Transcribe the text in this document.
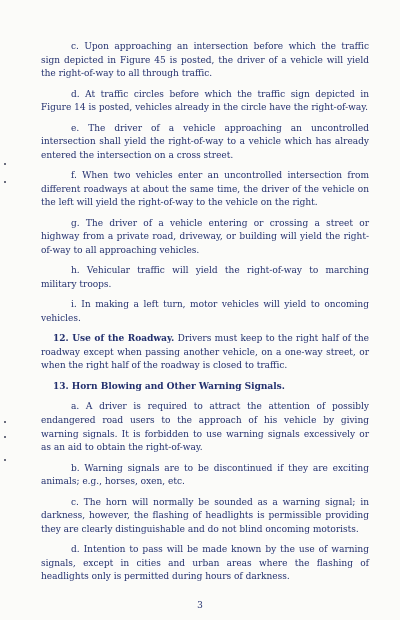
c. Upon approaching an intersection before which the traffic sign depicted in Figure 45 is posted, the driver of a vehicle will yield the right-of-way to all through traffic.

d. At traffic circles before which the traffic sign depicted in Figure 14 is posted, vehicles already in the circle have the right-of-way.

e. The driver of a vehicle approaching an uncontrolled intersection shall yield the right-of-way to a vehicle which has already entered the intersection on a cross street.

f. When two vehicles enter an uncontrolled intersection from different roadways at about the same time, the driver of the vehicle on the left will yield the right-of-way to the vehicle on the right.

g. The driver of a vehicle entering or crossing a street or highway from a private road, driveway, or building will yield the right-of-way to all approaching vehicles.

h. Vehicular traffic will yield the right-of-way to marching military troops.

i. In making a left turn, motor vehicles will yield to oncoming vehicles.

12. Use of the Roadway. Drivers must keep to the right half of the roadway except when passing another vehicle, on a one-way street, or when the right half of the roadway is closed to traffic.

13. Horn Blowing and Other Warning Signals.

a. A driver is required to attract the attention of possibly endangered road users to the approach of his vehicle by giving warning signals. It is forbidden to use warning signals excessively or as an aid to obtain the right-of-way.

b. Warning signals are to be discontinued if they are exciting animals; e.g., horses, oxen, etc.

c. The horn will normally be sounded as a warning signal; in darkness, however, the flashing of headlights is permissible providing they are clearly distinguishable and do not blind oncoming motorists.

d. Intention to pass will be made known by the use of warning signals, except in cities and urban areas where the flashing of headlights only is permitted during hours of darkness.

3
